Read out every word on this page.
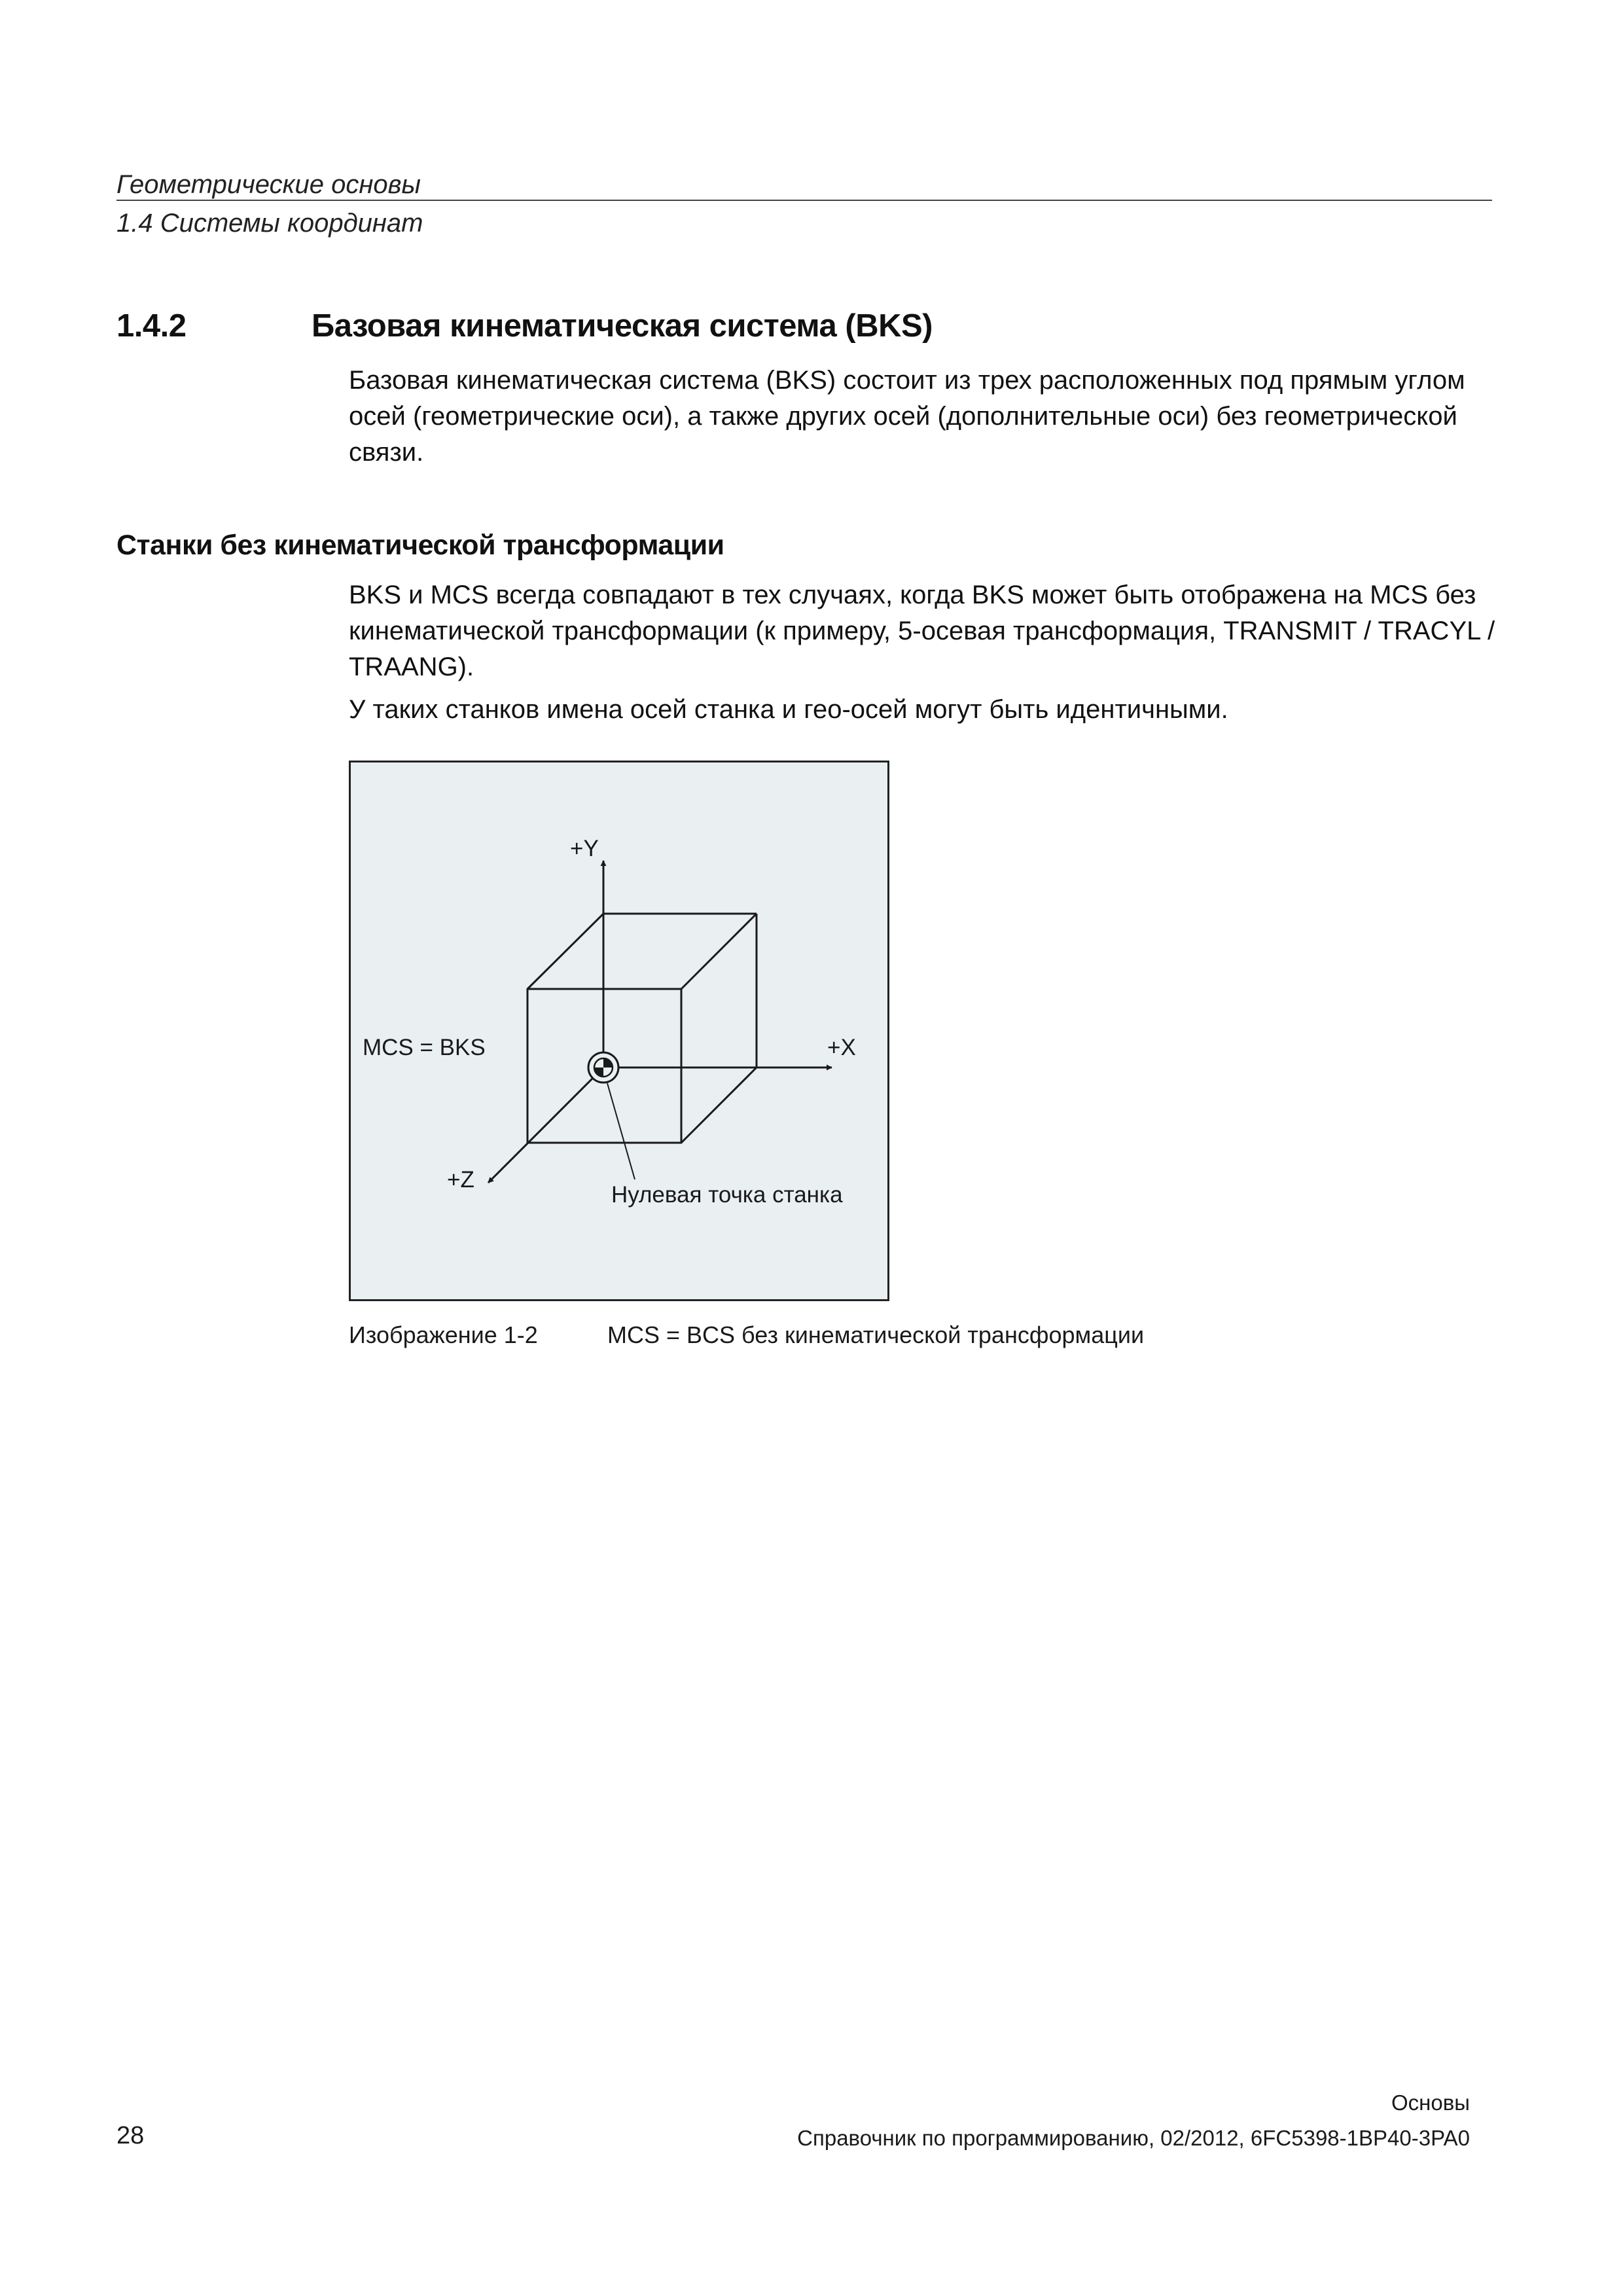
Геометрические основы
1.4 Системы координат
1.4.2	Базовая кинематическая система (BKS)
Базовая кинематическая система (BKS) состоит из трех расположенных под прямым углом осей (геометрические оси), а также других осей (дополнительные оси) без геометрической связи.
Станки без кинематической трансформации
BKS и MCS всегда совпадают в тех случаях, когда BKS может быть отображена на MCS без кинематической трансформации (к примеру, 5-осевая трансформация, TRANSMIT / TRACYL / TRAANG).
У таких станков имена осей станка и гео-осей могут быть идентичными.
+Y
+X
+Z
MCS = BKS
Нулевая точка станка
Изображение 1-2	MCS = BCS без кинематической трансформации
Основы
28	Справочник по программированию, 02/2012, 6FC5398-1BP40-3PA0
